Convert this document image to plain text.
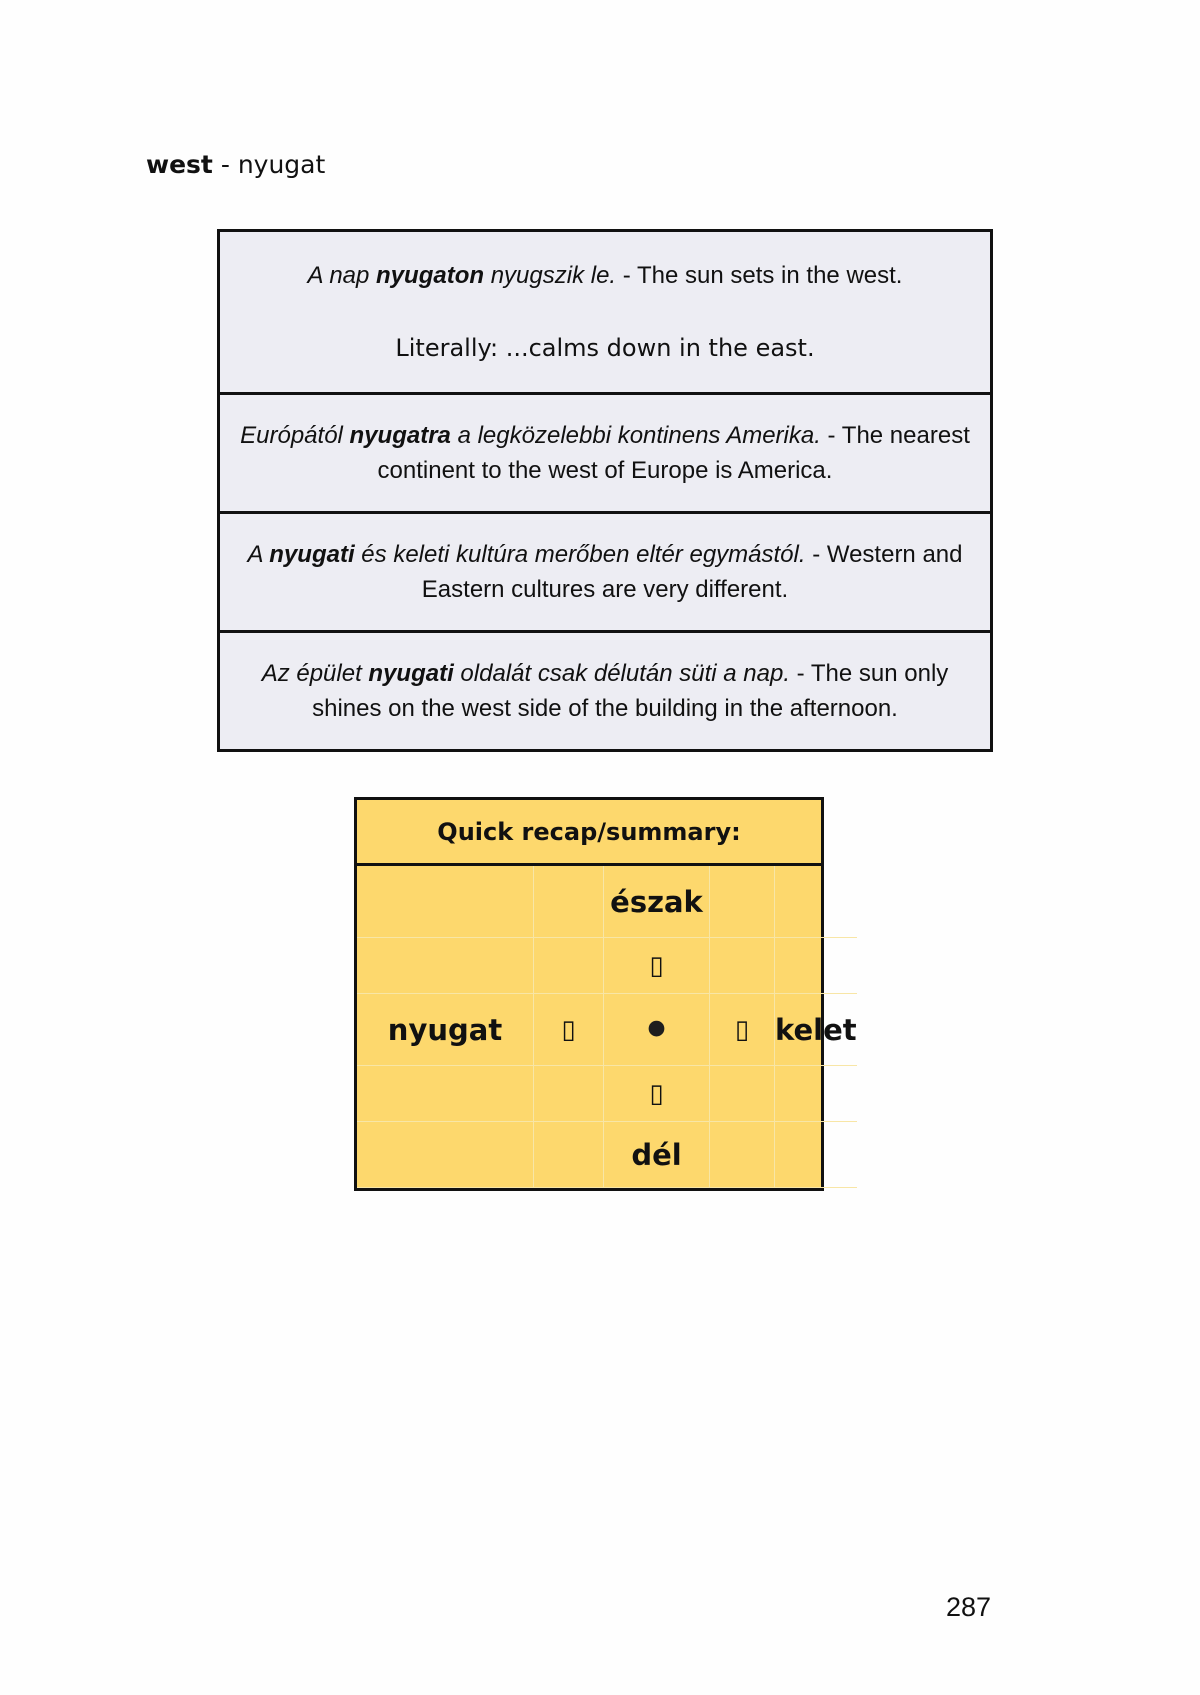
west - nyugat
A nap nyugaton nyugszik le. - The sun sets in the west.
Literally: ...calms down in the east.
Európától nyugatra a legközelebbi kontinens Amerika. - The nearest continent to the west of Europe is America.
A nyugati és keleti kultúra merőben eltér egymástól. - Western and Eastern cultures are very different.
Az épület nyugati oldalát csak délután süti a nap. - The sun only shines on the west side of the building in the afternoon.
Quick recap/summary:
észak
▯
nyugat	▯	⚫	▯ kelet
▯
dél
287
